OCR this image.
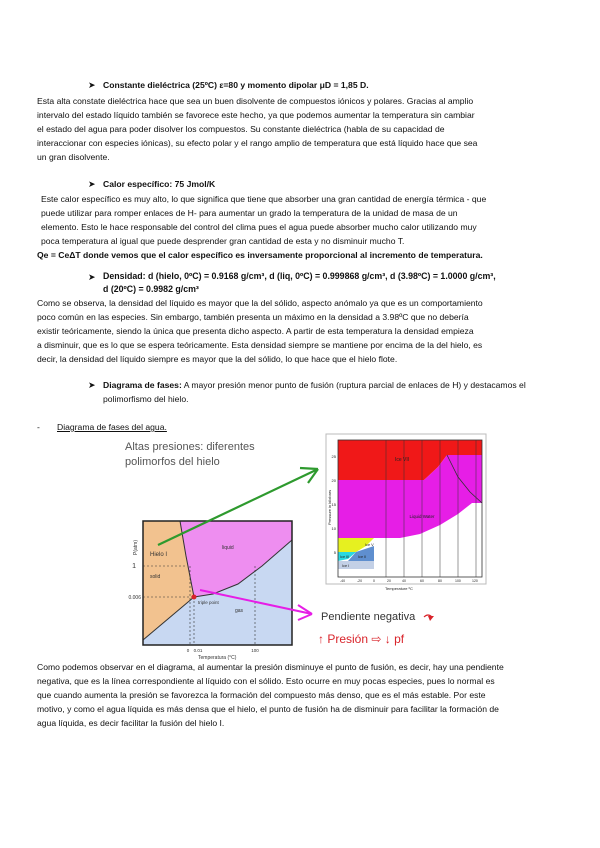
➤ Constante dieléctrica (25ºC) ε=80 y momento dipolar μD = 1,85 D.
Esta alta constate dieléctrica hace que sea un buen disolvente de compuestos iónicos y polares. Gracias al amplio
intervalo del estado líquido también se favorece este hecho, ya que podemos aumentar la temperatura sin cambiar
el estado del agua para poder disolver los compuestos. Su constante dieléctrica (habla de su capacidad de
interaccionar con especies iónicas), su efecto polar y el rango amplio de temperatura que está líquido hace que sea
un gran disolvente.
➤ Calor específico: 75 Jmol/K
Este calor específico es muy alto, lo que significa que tiene que absorber una gran cantidad de energía térmica - que
puede utilizar para romper enlaces de H- para aumentar un grado la temperatura de la unidad de masa de un
elemento. Esto le hace responsable del control del clima pues el agua puede absorber mucho calor utilizando muy
poca temperatura al igual que puede desprender gran cantidad de esta y no disminuir mucho T.
Qe = CeΔT donde vemos que el calor específico es inversamente proporcional al incremento de temperatura.
➤ Densidad: d (hielo, 0ºC) = 0.9168 g/cm³, d (liq, 0ºC) = 0.999868 g/cm³, d (3.98ºC) = 1.0000 g/cm³,
d (20ºC) = 0.9982 g/cm³
Como se observa, la densidad del líquido es mayor que la del sólido, aspecto anómalo ya que es un comportamiento
poco común en las especies. Sin embargo, también presenta un máximo en la densidad a 3.98ºC que no debería
existir teóricamente, siendo la única que presenta dicho aspecto. A partir de esta temperatura la densidad empieza
a disminuir, que es lo que se espera teóricamente. Esta densidad siempre se mantiene por encima de la del hielo, es
decir, la densidad del líquido siempre es mayor que la del sólido, lo que hace que el hielo flote.
➤ Diagrama de fases: A mayor presión menor punto de fusión (ruptura parcial de enlaces de H) y destacamos el
polimorfismo del hielo.
- Diagrama de fases del agua.
Altas presiones: diferentes
polimorfos del hielo
Hielo I
solid
liquid
gas
triple point
1
0.006
0 0.01	100
P(atm)
Temperatura (°C)
Ice VII
Liquid Water
Ice V
Ice III Ice II
Ice I
25
20
15
10
5
Pressure in kilobars
-40	-20	0	20	40	60	80	100	120
Temperature ºC
Pendiente negativa
↑ Presión ⇨ ↓ pf
Como podemos observar en el diagrama, al aumentar la presión disminuye el punto de fusión, es decir, hay una pendiente
negativa, que es la línea correspondiente al líquido con el sólido. Esto ocurre en muy pocas especies, pues lo normal es
que cuando aumenta la presión se favorezca la formación del compuesto más denso, que es el más estable. Por este
motivo, y como el agua líquida es más densa que el hielo, el punto de fusión ha de disminuir para facilitar la formación de
agua líquida, es decir facilitar la fusión del hielo I.
